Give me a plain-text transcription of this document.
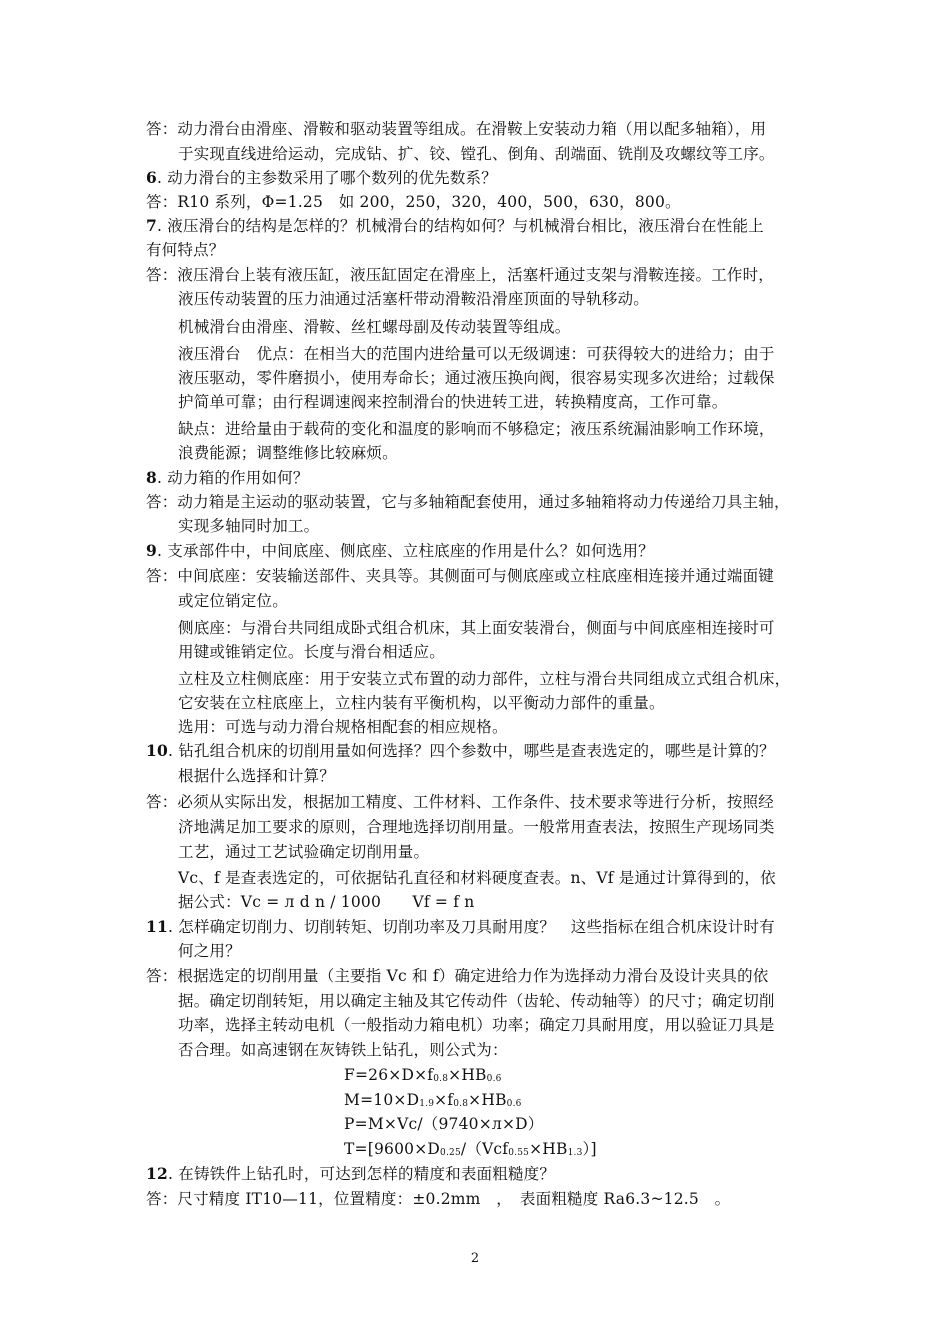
答：动力滑台由滑座、滑鞍和驱动装置等组成。在滑鞍上安装动力箱（用以配多轴箱），用
于实现直线进给运动，完成钻、扩、铰、镗孔、倒角、刮端面、铣削及攻螺纹等工序。
6. 动力滑台的主参数采用了哪个数列的优先数系？
答：R10 系列，Φ=1.25　如 200，250，320，400，500，630，800。
7. 液压滑台的结构是怎样的？机械滑台的结构如何？与机械滑台相比，液压滑台在性能上
有何特点？
答：液压滑台上装有液压缸，液压缸固定在滑座上，活塞杆通过支架与滑鞍连接。工作时，
液压传动装置的压力油通过活塞杆带动滑鞍沿滑座顶面的导轨移动。
机械滑台由滑座、滑鞍、丝杠螺母副及传动装置等组成。
液压滑台　优点：在相当大的范围内进给量可以无级调速：可获得较大的进给力；由于
液压驱动，零件磨损小，使用寿命长；通过液压换向阀，很容易实现多次进给；过载保
护简单可靠；由行程调速阀来控制滑台的快进转工进，转换精度高，工作可靠。
缺点：进给量由于载荷的变化和温度的影响而不够稳定；液压系统漏油影响工作环境，
浪费能源；调整维修比较麻烦。
8. 动力箱的作用如何？
答：动力箱是主运动的驱动装置，它与多轴箱配套使用，通过多轴箱将动力传递给刀具主轴，
实现多轴同时加工。
9. 支承部件中，中间底座、侧底座、立柱底座的作用是什么？如何选用？
答：中间底座：安装输送部件、夹具等。其侧面可与侧底座或立柱底座相连接并通过端面键
或定位销定位。
侧底座：与滑台共同组成卧式组合机床，其上面安装滑台，侧面与中间底座相连接时可
用键或锥销定位。长度与滑台相适应。
立柱及立柱侧底座：用于安装立式布置的动力部件，立柱与滑台共同组成立式组合机床，
它安装在立柱底座上，立柱内装有平衡机构，以平衡动力部件的重量。
选用：可选与动力滑台规格相配套的相应规格。
10. 钻孔组合机床的切削用量如何选择？四个参数中，哪些是查表选定的，哪些是计算的？
根据什么选择和计算？
答：必须从实际出发，根据加工精度、工件材料、工作条件、技术要求等进行分析，按照经
济地满足加工要求的原则，合理地选择切削用量。一般常用查表法，按照生产现场同类
工艺，通过工艺试验确定切削用量。
Vc、f 是查表选定的，可依据钻孔直径和材料硬度查表。n、Vf 是通过计算得到的，依
据公式：Vc = л d n / 1000　　Vf = f n
11. 怎样确定切削力、切削转矩、切削功率及刀具耐用度？　这些指标在组合机床设计时有
何之用？
答：根据选定的切削用量（主要指 Vc 和 f）确定进给力作为选择动力滑台及设计夹具的依
据。确定切削转矩，用以确定主轴及其它传动件（齿轮、传动轴等）的尺寸；确定切削
功率，选择主转动电机（一般指动力箱电机）功率；确定刀具耐用度，用以验证刀具是
否合理。如高速钢在灰铸铁上钻孔，则公式为：
$F=26\times D\times f_{0.8}\times HB_{0.6}$
$M=10\times D_{1.9}\times f_{0.8}\times HB_{0.6}$
P=M×Vc/（9740×л×D）
$T=[9600\times D_{0.25}/(Vcf_{0.55}\times HB_{1.3})]$
12. 在铸铁件上钻孔时，可达到怎样的精度和表面粗糙度？
答：尺寸精度 IT10—11，位置精度：±0.2mm　，　表面粗糙度 Ra6.3~12.5　。
2
